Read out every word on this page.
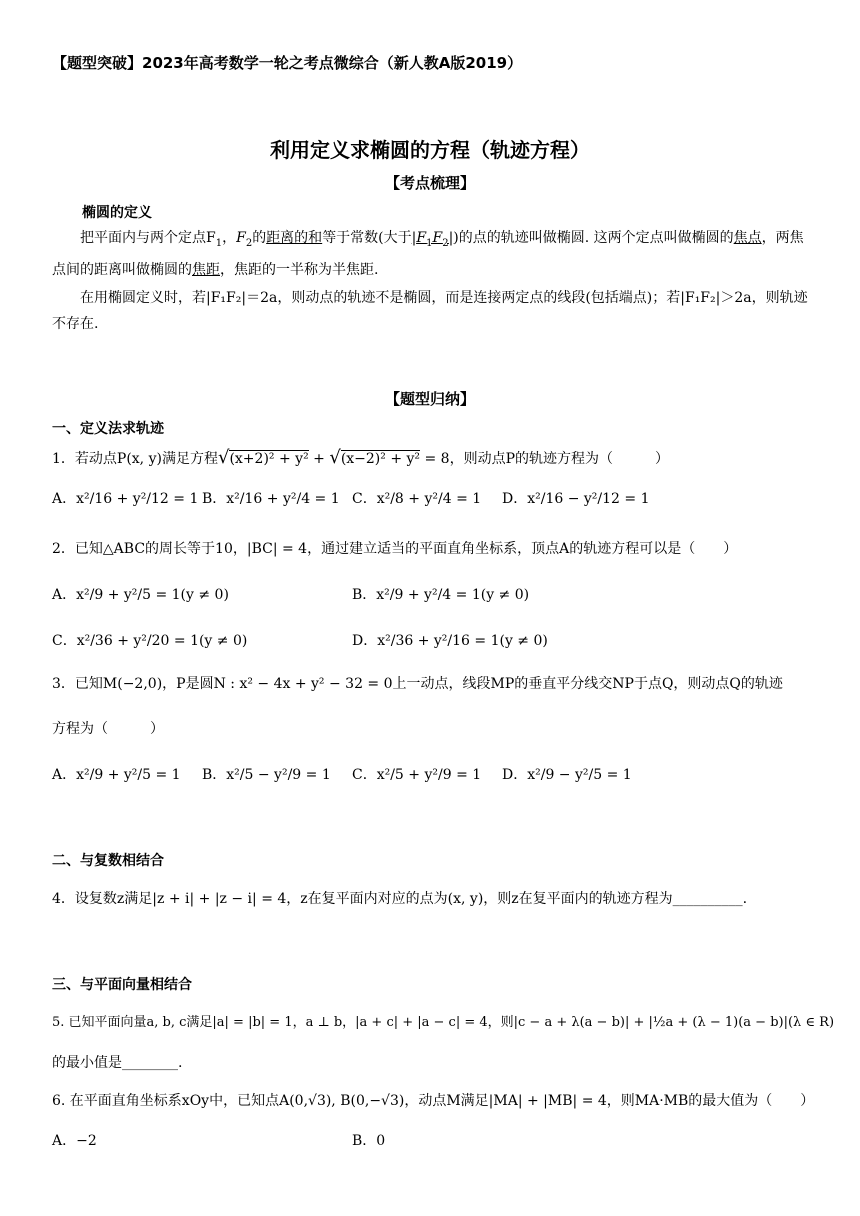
【题型突破】2023年高考数学一轮之考点微综合（新人教A版2019）
利用定义求椭圆的方程（轨迹方程）
【考点梳理】
椭圆的定义
把平面内与两个定点$F_1$，$F_2$的距离的和等于常数(大于$|F_1F_2|$)的点的轨迹叫做椭圆. 这两个定点叫做椭圆的焦点，两焦点间的距离叫做椭圆的焦距，焦距的一半称为半焦距.
在用椭圆定义时，若|F₁F₂|＝2a，则动点的轨迹不是椭圆，而是连接两定点的线段(包括端点)；若|F₁F₂|＞2a，则轨迹不存在.
【题型归纳】
一、定义法求轨迹
1．若动点P(x, y)满足方程√(x+2)² + y² + √(x−2)² + y² = 8，则动点P的轨迹方程为（　　　）
A．x²/16 + y²/12 = 1 B．x²/16 + y²/4 = 1 C．x²/8 + y²/4 = 1 D．x²/16 − y²/12 = 1
2．已知△ABC的周长等于10，|BC| = 4，通过建立适当的平面直角坐标系，顶点A的轨迹方程可以是（　　）
A．x²/9 + y²/5 = 1(y ≠ 0)	B．x²/9 + y²/4 = 1(y ≠ 0)
C．x²/36 + y²/20 = 1(y ≠ 0)	D．x²/36 + y²/16 = 1(y ≠ 0)
3．已知M(−2,0)，P是圆N : x² − 4x + y² − 32 = 0上一动点，线段MP的垂直平分线交NP于点Q，则动点Q的轨迹
方程为（　　　）
A．x²/9 + y²/5 = 1 B．x²/5 − y²/9 = 1 C．x²/5 + y²/9 = 1 D．x²/9 − y²/5 = 1
二、与复数相结合
4．设复数z满足|z + i| + |z − i| = 4，z在复平面内对应的点为(x, y)，则z在复平面内的轨迹方程为__________.
三、与平面向量相结合
5. 已知平面向量a, b, c满足|a| = |b| = 1，a ⊥ b，|a + c| + |a − c| = 4，则|c − a + λ(a − b)| + |½a + (λ − 1)(a − b)|(λ ∈ R)
的最小值是________.
6. 在平面直角坐标系xOy中，已知点A(0,√3), B(0,−√3)，动点M满足|MA| + |MB| = 4，则MA·MB的最大值为（　　）
A．−2	B．0
